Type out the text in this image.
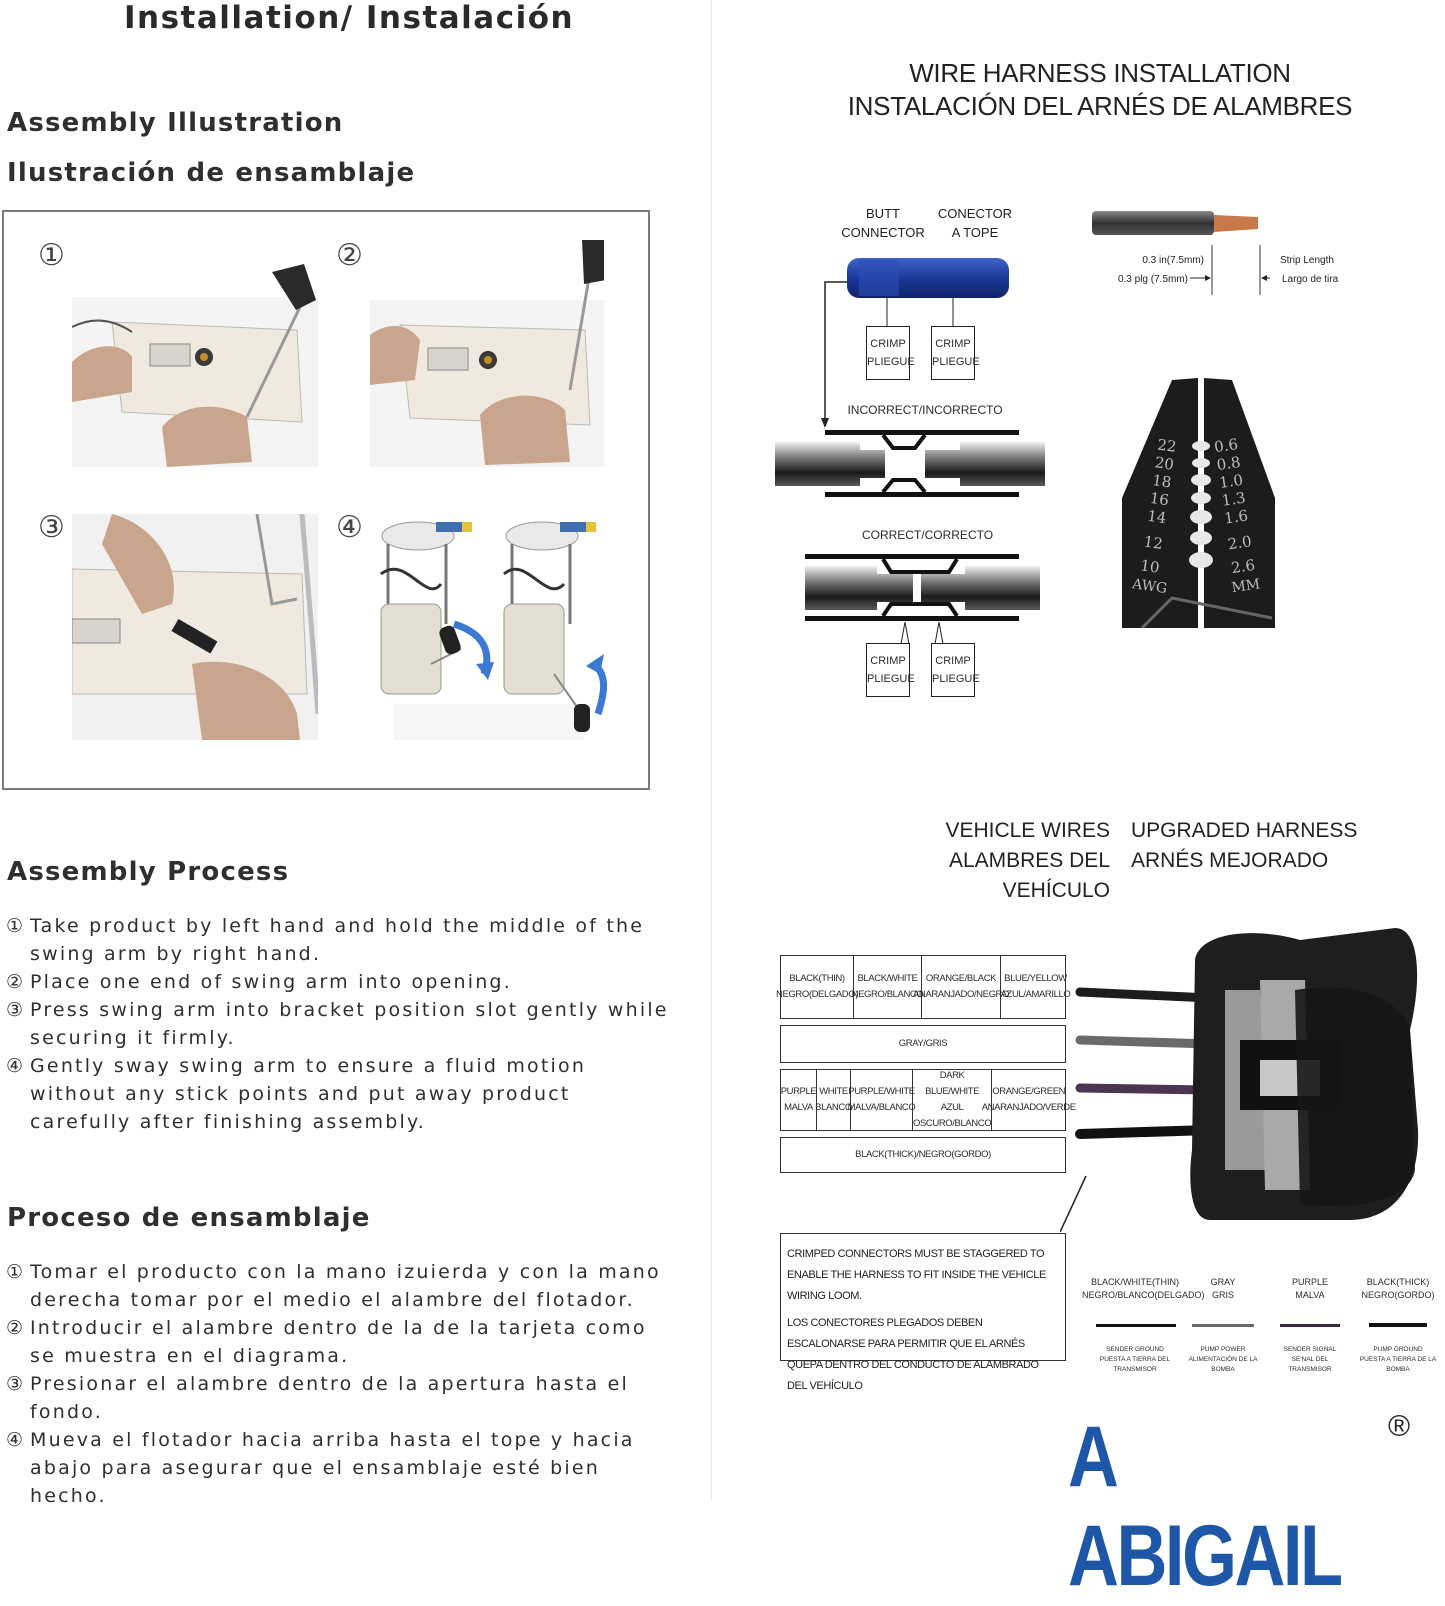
Installation/ Instalación
Assembly Illustration
Ilustración de ensamblaje
①	②
③	④
Assembly Process
① Take product by left hand and hold the middle of the swing arm by right hand.
② Place one end of swing arm into opening.
③ Press swing arm into bracket position slot gently while securing it firmly.
④ Gently sway swing arm to ensure a fluid motion without any stick points and put away product carefully after finishing assembly.
Proceso de ensamblaje
① Tomar el producto con la mano izuierda y con la mano derecha tomar por el medio el alambre del flotador.
② Introducir el alambre dentro de la de la tarjeta como se muestra en el diagrama.
③ Presionar el alambre dentro de la apertura hasta el fondo.
④ Mueva el flotador hacia arriba hasta el tope y hacia abajo para asegurar que el ensamblaje esté bien hecho.
WIRE HARNESS INSTALLATION
INSTALACIÓN DEL ARNÉS DE ALAMBRES
BUTT
CONNECTOR
CONECTOR
A TOPE
CRIMP
PLIEGUE
CRIMP
PLIEGUE
INCORRECT/INCORRECTO
CORRECT/CORRECTO
CRIMP
PLIEGUE
CRIMP
PLIEGUE
0.3 in(7.5mm)
0.3 plg (7.5mm)
Strip Length
Largo de tira
22
20
18
16
14
12
10
AWG
0.6
0.8
1.0
1.3
1.6
2.0
2.6
MM
VEHICLE WIRES
ALAMBRES DEL VEHÍCULO
UPGRADED HARNESS
ARNÉS MEJORADO
BLACK(THIN)
NEGRO(DELGADO)
BLACK/WHITE
NEGRO/BLANCO
ORANGE/BLACK
ANARANJADO/NEGRO
BLUE/YELLOW
AZUL/AMARILLO
GRAY/GRIS
PURPLE
MALVA
WHITE
BLANCO
PURPLE/WHITE
MALVA/BLANCO
DARK BLUE/WHITE
AZUL OSCURO/BLANCO
ORANGE/GREEN
ANARANJADO/VERDE
BLACK(THICK)/NEGRO(GORDO)
CRIMPED CONNECTORS MUST BE STAGGERED TO ENABLE THE HARNESS TO FIT INSIDE THE VEHICLE WIRING LOOM.
LOS CONECTORES PLEGADOS DEBEN ESCALONARSE PARA PERMITIR QUE EL ARNÉS QUEPA DENTRO DEL CONDUCTO DE ALAMBRADO DEL VEHÍCULO
BLACK/WHITE(THIN)
NEGRO/BLANCO(DELGADO)
SENDER GROUND
PUESTA A TIERRA DEL TRANSMISOR
GRAY
GRIS
PUMP POWER
ALIMENTACIÓN DE LA BOMBA
PURPLE
MALVA
SENDER SIGNAL
SE'NAL DEL TRANSMISOR
BLACK(THICK)
NEGRO(GORDO)
PUMP GROUND
PUESTA A TIERRA DE LA BOMBA
A ABIGAIL
®
